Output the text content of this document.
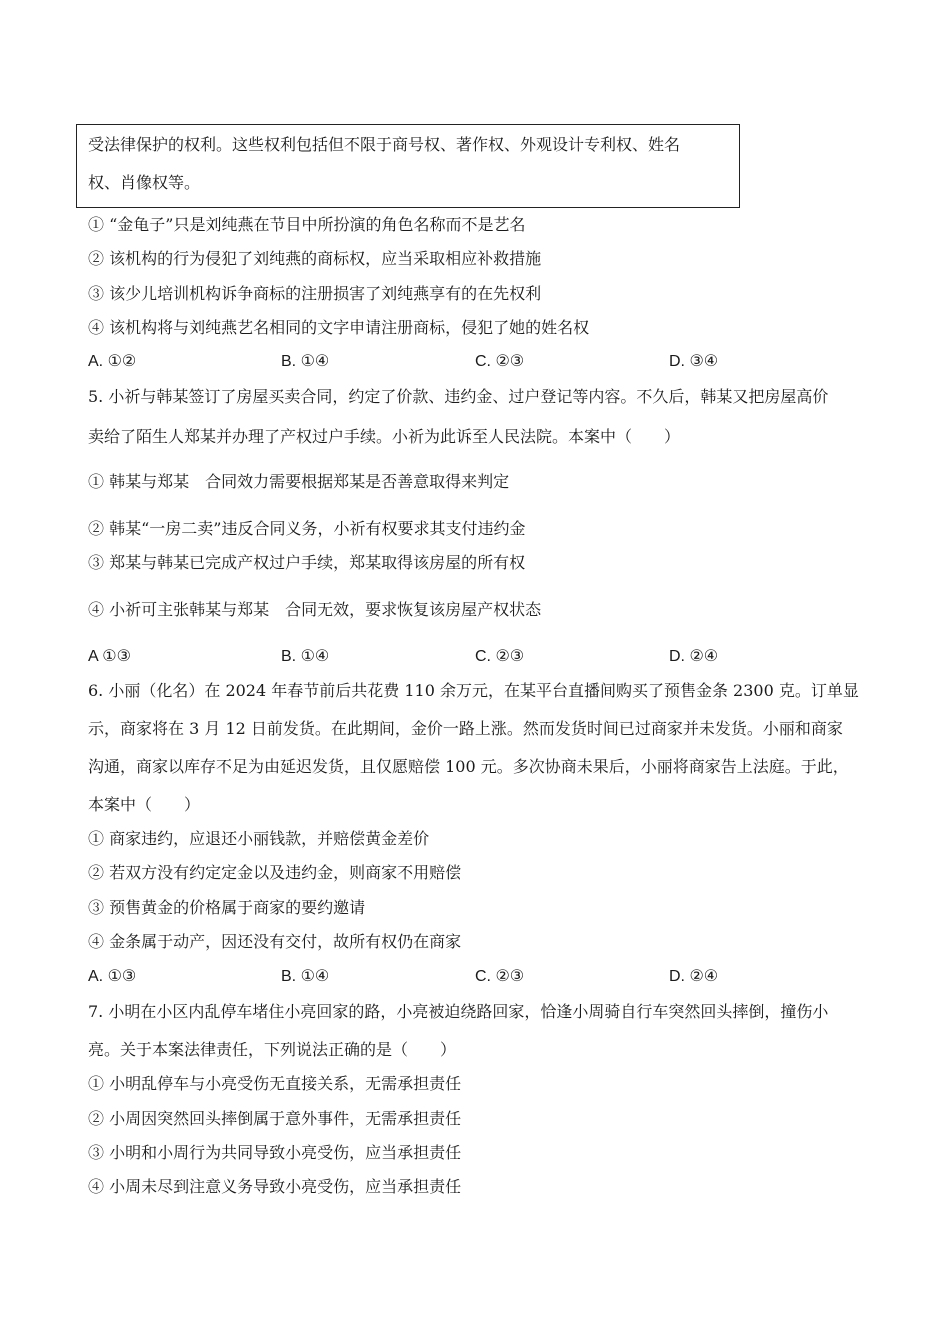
受法律保护的权利。这些权利包括但不限于商号权、著作权、外观设计专利权、姓名
权、肖像权等。
① “金龟子”只是刘纯燕在节目中所扮演的角色名称而不是艺名
② 该机构的行为侵犯了刘纯燕的商标权，应当采取相应补救措施
③ 该少儿培训机构诉争商标的注册损害了刘纯燕享有的在先权利
④ 该机构将与刘纯燕艺名相同的文字申请注册商标，侵犯了她的姓名权
A. ①②	B. ①④	C. ②③	D. ③④
5. 小祈与韩某签订了房屋买卖合同，约定了价款、违约金、过户登记等内容。不久后，韩某又把房屋高价
卖给了陌生人郑某并办理了产权过户手续。小祈为此诉至人民法院。本案中（　　）
① 韩某与郑某　合同效力需要根据郑某是否善意取得来判定
② 韩某“一房二卖”违反合同义务，小祈有权要求其支付违约金
③ 郑某与韩某已完成产权过户手续，郑某取得该房屋的所有权
④ 小祈可主张韩某与郑某　合同无效，要求恢复该房屋产权状态
A ①③	B. ①④	C. ②③	D. ②④
6. 小丽（化名）在 2024 年春节前后共花费 110 余万元，在某平台直播间购买了预售金条 2300 克。订单显
示，商家将在 3 月 12 日前发货。在此期间，金价一路上涨。然而发货时间已过商家并未发货。小丽和商家
沟通，商家以库存不足为由延迟发货，且仅愿赔偿 100 元。多次协商未果后，小丽将商家告上法庭。于此，
本案中（　　）
① 商家违约，应退还小丽钱款，并赔偿黄金差价
② 若双方没有约定定金以及违约金，则商家不用赔偿
③ 预售黄金的价格属于商家的要约邀请
④ 金条属于动产，因还没有交付，故所有权仍在商家
A. ①③	B. ①④	C. ②③	D. ②④
7. 小明在小区内乱停车堵住小亮回家的路，小亮被迫绕路回家，恰逢小周骑自行车突然回头摔倒，撞伤小
亮。关于本案法律责任，下列说法正确的是（　　）
① 小明乱停车与小亮受伤无直接关系，无需承担责任
② 小周因突然回头摔倒属于意外事件，无需承担责任
③ 小明和小周行为共同导致小亮受伤，应当承担责任
④ 小周未尽到注意义务导致小亮受伤，应当承担责任
